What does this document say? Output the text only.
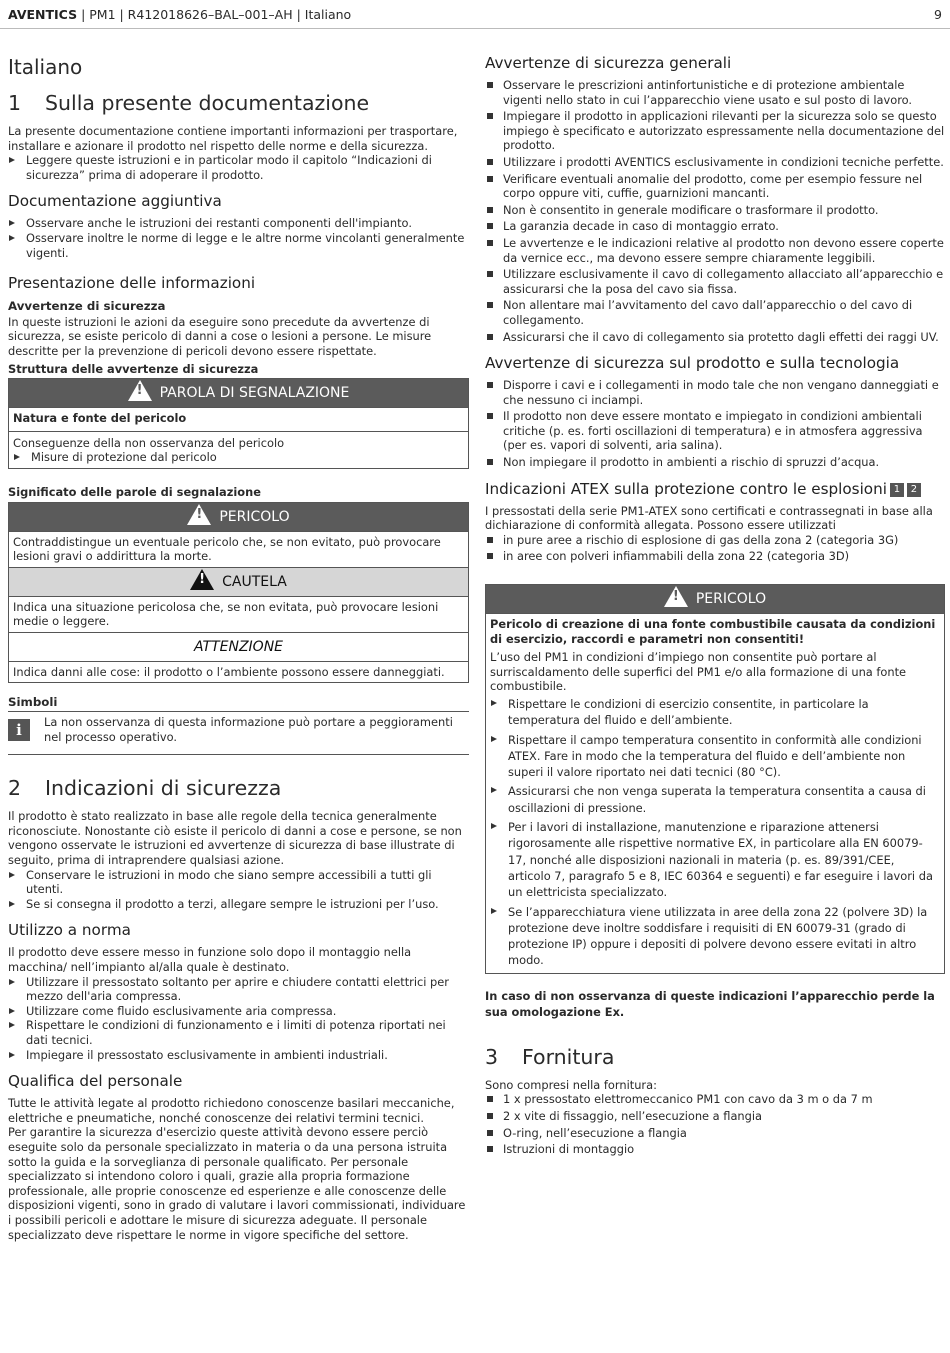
AVENTICS | PM1 | R412018626–BAL–001–AH | Italiano	9
Italiano
1 Sulla presente documentazione

La presente documentazione contiene importanti informazioni per trasportare, installare e azionare il prodotto nel rispetto delle norme e della sicurezza.

Leggere queste istruzioni e in particolar modo il capitolo “Indicazioni di sicurezza” prima di adoperare il prodotto.
Documentazione aggiuntiva
Osservare anche le istruzioni dei restanti componenti dell'impianto.
Osservare inoltre le norme di legge e le altre norme vincolanti generalmente vigenti.
Presentazione delle informazioni
Avvertenze di sicurezza

In queste istruzioni le azioni da eseguire sono precedute da avvertenze di sicurezza, se esiste pericolo di danni a cose o lesioni a persone. Le misure descritte per la prevenzione di pericoli devono essere rispettate.

Struttura delle avvertenze di sicurezza
!PAROLA DI SEGNALAZIONE
Natura e fonte del pericolo

Conseguenze della non osservanza del pericolo

Misure di protezione dal pericolo
Significato delle parole di segnalazione
!PERICOLO
Contraddistingue un eventuale pericolo che, se non evitato, può provocare lesioni gravi o addirittura la morte.
!CAUTELA
Indica una situazione pericolosa che, se non evitata, può provocare lesioni medie o leggere.
ATTENZIONE
Indica danni alle cose: il prodotto o l’ambiente possono essere danneggiati.
Simboli
i	La non osservanza di questa informazione può portare a peggioramenti nel processo operativo.

2 Indicazioni di sicurezza

Il prodotto è stato realizzato in base alle regole della tecnica generalmente riconosciute. Nonostante ciò esiste il pericolo di danni a cose e persone, se non vengono osservate le istruzioni ed avvertenze di sicurezza di base illustrate di seguito, prima di intraprendere qualsiasi azione.

Conservare le istruzioni in modo che siano sempre accessibili a tutti gli utenti.
Se si consegna il prodotto a terzi, allegare sempre le istruzioni per l’uso.
Utilizzo a norma

Il prodotto deve essere messo in funzione solo dopo il montaggio nella macchina/ nell’impianto al/alla quale è destinato.

Utilizzare il pressostato soltanto per aprire e chiudere contatti elettrici per mezzo dell'aria compressa.
Utilizzare come fluido esclusivamente aria compressa.
Rispettare le condizioni di funzionamento e i limiti di potenza riportati nei dati tecnici.
Impiegare il pressostato esclusivamente in ambienti industriali.
Qualifica del personale

Tutte le attività legate al prodotto richiedono conoscenze basilari meccaniche, elettriche e pneumatiche, nonché conoscenze dei relativi termini tecnici.

Per garantire la sicurezza d'esercizio queste attività devono essere perciò eseguite solo da personale specializzato in materia o da una persona istruita sotto la guida e la sorveglianza di personale qualificato. Per personale specializzato si intendono coloro i quali, grazie alla propria formazione professionale, alle proprie conoscenze ed esperienze e alle conoscenze delle disposizioni vigenti, sono in grado di valutare i lavori commissionati, individuare i possibili pericoli e adottare le misure di sicurezza adeguate. Il personale specializzato deve rispettare le norme in vigore specifiche del settore.

Avvertenze di sicurezza generali
Osservare le prescrizioni antinfortunistiche e di protezione ambientale vigenti nello stato in cui l’apparecchio viene usato e sul posto di lavoro.
Impiegare il prodotto in applicazioni rilevanti per la sicurezza solo se questo impiego è specificato e autorizzato espressamente nella documentazione del prodotto.
Utilizzare i prodotti AVENTICS esclusivamente in condizioni tecniche perfette.
Verificare eventuali anomalie del prodotto, come per esempio fessure nel corpo oppure viti, cuffie, guarnizioni mancanti.
Non è consentito in generale modificare o trasformare il prodotto.
La garanzia decade in caso di montaggio errato.
Le avvertenze e le indicazioni relative al prodotto non devono essere coperte da vernice ecc., ma devono essere sempre chiaramente leggibili.
Utilizzare esclusivamente il cavo di collegamento allacciato all’apparecchio e assicurarsi che la posa del cavo sia fissa.
Non allentare mai l’avvitamento del cavo dall’apparecchio o del cavo di collegamento.
Assicurarsi che il cavo di collegamento sia protetto dagli effetti dei raggi UV.
Avvertenze di sicurezza sul prodotto e sulla tecnologia
Disporre i cavi e i collegamenti in modo tale che non vengano danneggiati e che nessuno ci inciampi.
Il prodotto non deve essere montato e impiegato in condizioni ambientali critiche (p. es. forti oscillazioni di temperatura) e in atmosfera aggressiva (per es. vapori di solventi, aria salina).
Non impiegare il prodotto in ambienti a rischio di spruzzi d’acqua.
Indicazioni ATEX sulla protezione contro le esplosioni 1 2

I pressostati della serie PM1-ATEX sono certificati e contrassegnati in base alla dichiarazione di conformità allegata. Possono essere utilizzati

in pure aree a rischio di esplosione di gas della zona 2 (categoria 3G)
in aree con polveri infiammabili della zona 22 (categoria 3D)
!PERICOLO

Pericolo di creazione di una fonte combustibile causata da condizioni di esercizio, raccordi e parametri non consentiti!

L’uso del PM1 in condizioni d’impiego non consentite può portare al surriscaldamento delle superfici del PM1 e/o alla formazione di una fonte combustibile.

Rispettare le condizioni di esercizio consentite, in particolare la temperatura del fluido e dell’ambiente.
Rispettare il campo temperatura consentito in conformità alle condizioni ATEX. Fare in modo che la temperatura del fluido e dell’ambiente non superi il valore riportato nei dati tecnici (80 °C).
Assicurarsi che non venga superata la temperatura consentita a causa di oscillazioni di pressione.
Per i lavori di installazione, manutenzione e riparazione attenersi rigorosamente alle rispettive normative EX, in particolare alla EN 60079-17, nonché alle disposizioni nazionali in materia (p. es. 89/391/CEE, articolo 7, paragrafo 5 e 8, IEC 60364 e seguenti) e far eseguire i lavori da un elettricista specializzato.
Se l’apparecchiatura viene utilizzata in aree della zona 22 (polvere 3D) la protezione deve inoltre soddisfare i requisiti di EN 60079-31 (grado di protezione IP) oppure i depositi di polvere devono essere evitati in altro modo.

In caso di non osservanza di queste indicazioni l’apparecchio perde la sua omologazione Ex.

3 Fornitura

Sono compresi nella fornitura:

1 x pressostato elettromeccanico PM1 con cavo da 3 m o da 7 m
2 x vite di fissaggio, nell’esecuzione a flangia
O-ring, nell’esecuzione a flangia
Istruzioni di montaggio
